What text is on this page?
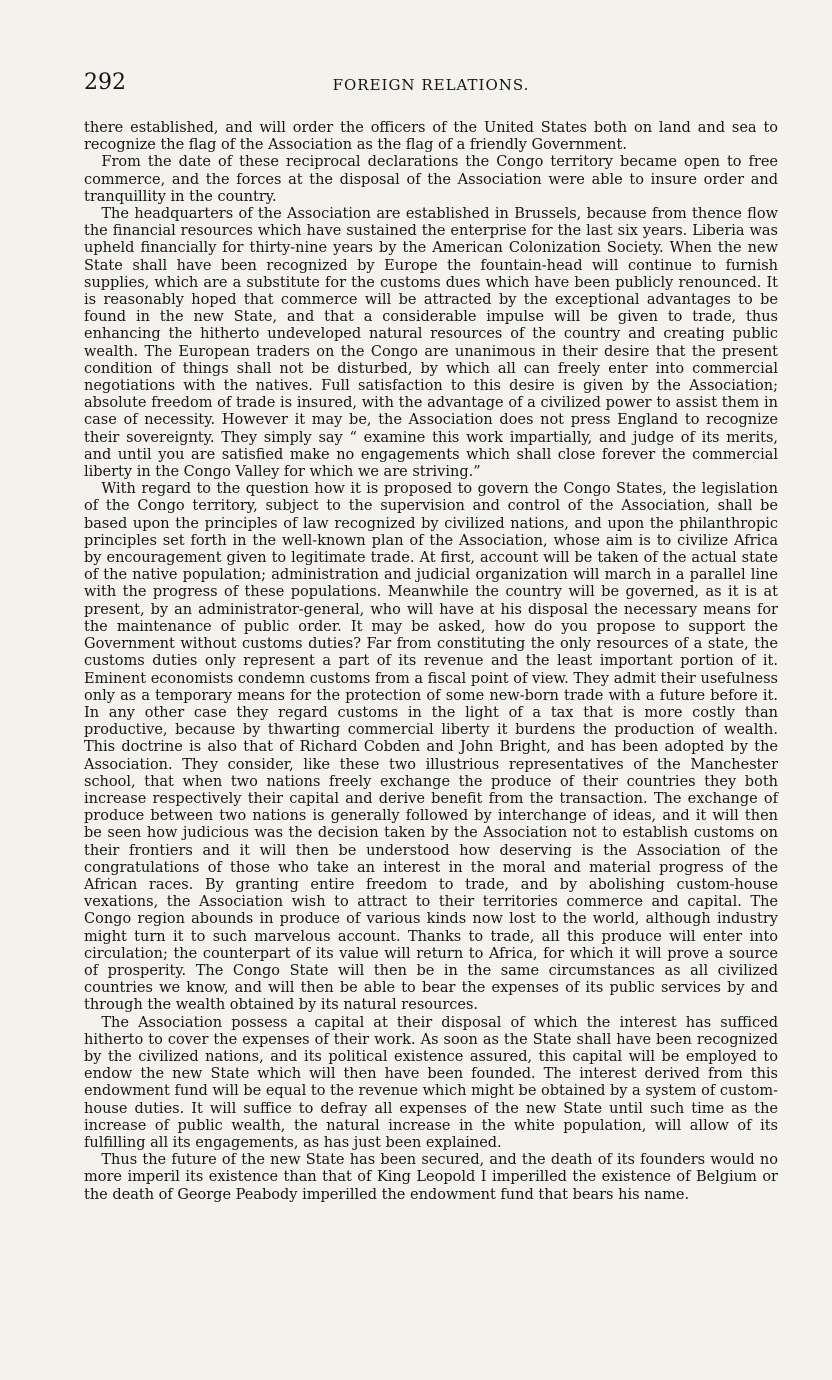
292	FOREIGN RELATIONS.

there established, and will order the officers of the United States both on land and sea to recognize the flag of the Association as the flag of a friendly Government.

From the date of these reciprocal declarations the Congo territory became open to free commerce, and the forces at the disposal of the Association were able to insure order and tranquillity in the country.

The headquarters of the Association are established in Brussels, because from thence flow the financial resources which have sustained the enterprise for the last six years. Liberia was upheld financially for thirty-nine years by the American Colonization Society. When the new State shall have been recognized by Europe the fountain-head will continue to furnish supplies, which are a substitute for the customs dues which have been publicly renounced. It is reasonably hoped that commerce will be attracted by the exceptional advantages to be found in the new State, and that a considerable impulse will be given to trade, thus enhancing the hitherto undeveloped natural resources of the country and creating public wealth. The European traders on the Congo are unanimous in their desire that the present condition of things shall not be disturbed, by which all can freely enter into commercial negotiations with the natives. Full satisfaction to this desire is given by the Association; absolute freedom of trade is insured, with the advantage of a civilized power to assist them in case of necessity. However it may be, the Association does not press England to recognize their sovereignty. They simply say “ examine this work impartially, and judge of its merits, and until you are satisfied make no engagements which shall close forever the commercial liberty in the Congo Valley for which we are striving.”

With regard to the question how it is proposed to govern the Congo States, the legislation of the Congo territory, subject to the supervision and control of the Association, shall be based upon the principles of law recognized by civilized nations, and upon the philanthropic principles set forth in the well-known plan of the Association, whose aim is to civilize Africa by encouragement given to legitimate trade. At first, account will be taken of the actual state of the native population; administration and judicial organization will march in a parallel line with the progress of these populations. Meanwhile the country will be governed, as it is at present, by an administrator-general, who will have at his disposal the necessary means for the maintenance of public order. It may be asked, how do you propose to support the Government without customs duties? Far from constituting the only resources of a state, the customs duties only represent a part of its revenue and the least important portion of it. Eminent economists condemn customs from a fiscal point of view. They admit their usefulness only as a temporary means for the protection of some new-born trade with a future before it. In any other case they regard customs in the light of a tax that is more costly than productive, because by thwarting commercial liberty it burdens the production of wealth. This doctrine is also that of Richard Cobden and John Bright, and has been adopted by the Association. They consider, like these two illustrious representatives of the Manchester school, that when two nations freely exchange the produce of their countries they both increase respectively their capital and derive benefit from the transaction. The exchange of produce between two nations is generally followed by interchange of ideas, and it will then be seen how judicious was the decision taken by the Association not to establish customs on their frontiers and it will then be understood how deserving is the Association of the congratulations of those who take an interest in the moral and material progress of the African races. By granting entire freedom to trade, and by abolishing custom-house vexations, the Association wish to attract to their territories commerce and capital. The Congo region abounds in produce of various kinds now lost to the world, although industry might turn it to such marvelous account. Thanks to trade, all this produce will enter into circulation; the counterpart of its value will return to Africa, for which it will prove a source of prosperity. The Congo State will then be in the same circumstances as all civilized countries we know, and will then be able to bear the expenses of its public services by and through the wealth obtained by its natural resources.

The Association possess a capital at their disposal of which the interest has sufficed hitherto to cover the expenses of their work. As soon as the State shall have been recognized by the civilized nations, and its political existence assured, this capital will be employed to endow the new State which will then have been founded. The interest derived from this endowment fund will be equal to the revenue which might be obtained by a system of custom-house duties. It will suffice to defray all expenses of the new State until such time as the increase of public wealth, the natural increase in the white population, will allow of its fulfilling all its engagements, as has just been explained.

Thus the future of the new State has been secured, and the death of its founders would no more imperil its existence than that of King Leopold I imperilled the existence of Belgium or the death of George Peabody imperilled the endowment fund that bears his name.
